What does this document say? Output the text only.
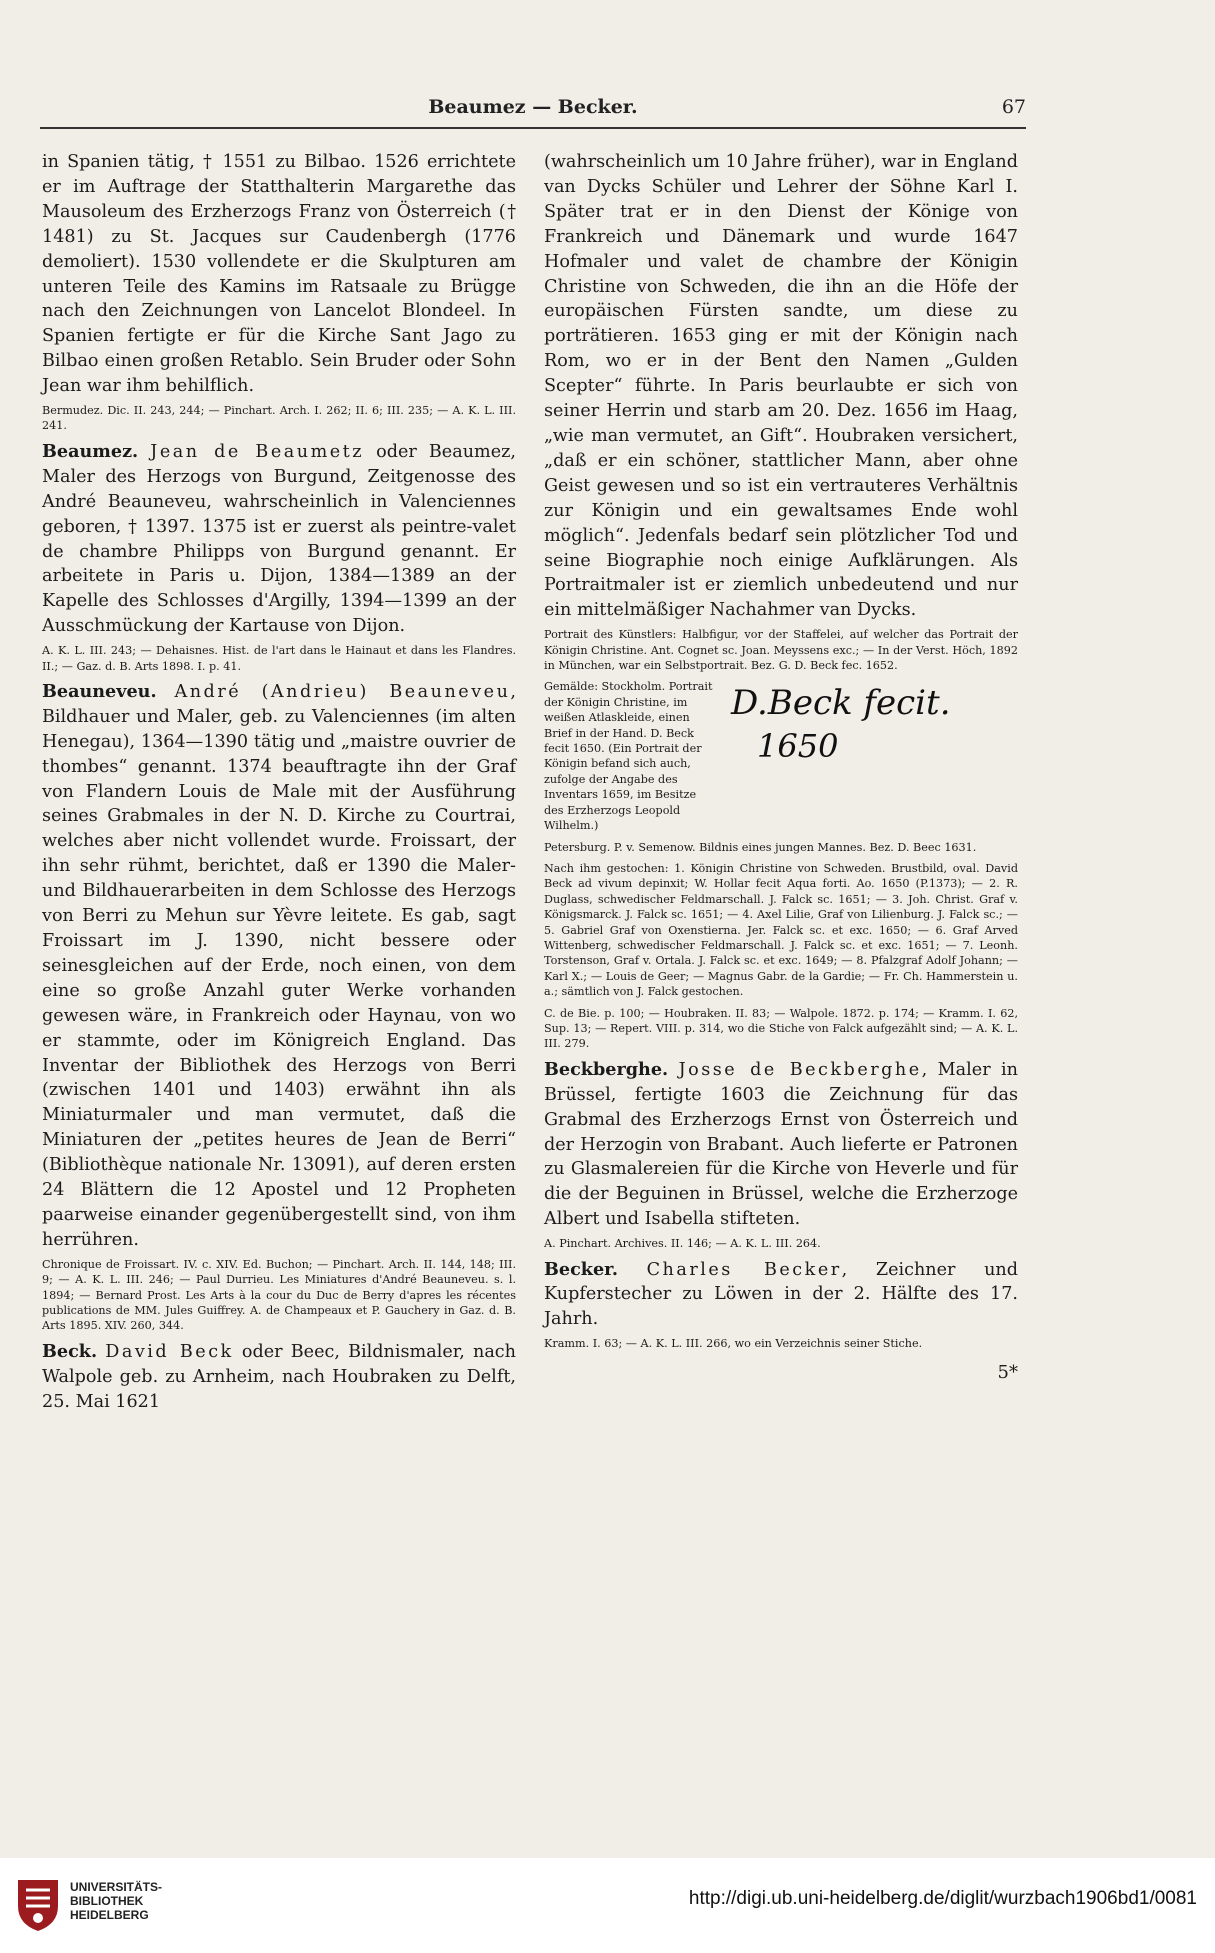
Beaumez — Becker.	67

in Spanien tätig, † 1551 zu Bilbao. 1526 errichtete er im Auftrage der Statthalterin Margarethe das Mausoleum des Erzherzogs Franz von Österreich († 1481) zu St. Jacques sur Caudenbergh (1776 demoliert). 1530 vollendete er die Skulpturen am unteren Teile des Kamins im Ratsaale zu Brügge nach den Zeichnungen von Lancelot Blondeel. In Spanien fertigte er für die Kirche Sant Jago zu Bilbao einen großen Retablo. Sein Bruder oder Sohn Jean war ihm behilflich.

Bermudez. Dic. II. 243, 244; — Pinchart. Arch. I. 262; II. 6; III. 235; — A. K. L. III. 241.

Beaumez. Jean de Beaumetz oder Beaumez, Maler des Herzogs von Burgund, Zeitgenosse des André Beauneveu, wahrscheinlich in Valenciennes geboren, † 1397. 1375 ist er zuerst als peintre-valet de chambre Philipps von Burgund genannt. Er arbeitete in Paris u. Dijon, 1384—1389 an der Kapelle des Schlosses d'Argilly, 1394—1399 an der Ausschmückung der Kartause von Dijon.

A. K. L. III. 243; — Dehaisnes. Hist. de l'art dans le Hainaut et dans les Flandres. II.; — Gaz. d. B. Arts 1898. I. p. 41.

Beauneveu. André (Andrieu) Beauneveu, Bildhauer und Maler, geb. zu Valenciennes (im alten Henegau), 1364—1390 tätig und „maistre ouvrier de thombes“ genannt. 1374 beauftragte ihn der Graf von Flandern Louis de Male mit der Ausführung seines Grabmales in der N. D. Kirche zu Courtrai, welches aber nicht vollendet wurde. Froissart, der ihn sehr rühmt, berichtet, daß er 1390 die Maler- und Bildhauerarbeiten in dem Schlosse des Herzogs von Berri zu Mehun sur Yèvre leitete. Es gab, sagt Froissart im J. 1390, nicht bessere oder seinesgleichen auf der Erde, noch einen, von dem eine so große Anzahl guter Werke vorhanden gewesen wäre, in Frankreich oder Haynau, von wo er stammte, oder im Königreich England. Das Inventar der Bibliothek des Herzogs von Berri (zwischen 1401 und 1403) erwähnt ihn als Miniaturmaler und man vermutet, daß die Miniaturen der „petites heures de Jean de Berri“ (Bibliothèque nationale Nr. 13091), auf deren ersten 24 Blättern die 12 Apostel und 12 Propheten paarweise einander gegenübergestellt sind, von ihm herrühren.

Chronique de Froissart. IV. c. XIV. Ed. Buchon; — Pinchart. Arch. II. 144, 148; III. 9; — A. K. L. III. 246; — Paul Durrieu. Les Miniatures d'André Beauneveu. s. l. 1894; — Bernard Prost. Les Arts à la cour du Duc de Berry d'apres les récentes publications de MM. Jules Guiffrey. A. de Champeaux et P. Gauchery in Gaz. d. B. Arts 1895. XIV. 260, 344.

Beck. David Beck oder Beec, Bildnismaler, nach Walpole geb. zu Arnheim, nach Houbraken zu Delft, 25. Mai 1621

(wahrscheinlich um 10 Jahre früher), war in England van Dycks Schüler und Lehrer der Söhne Karl I. Später trat er in den Dienst der Könige von Frankreich und Dänemark und wurde 1647 Hofmaler und valet de chambre der Königin Christine von Schweden, die ihn an die Höfe der europäischen Fürsten sandte, um diese zu porträtieren. 1653 ging er mit der Königin nach Rom, wo er in der Bent den Namen „Gulden Scepter“ führte. In Paris beurlaubte er sich von seiner Herrin und starb am 20. Dez. 1656 im Haag, „wie man vermutet, an Gift“. Houbraken versichert, „daß er ein schöner, stattlicher Mann, aber ohne Geist gewesen und so ist ein vertrauteres Verhältnis zur Königin und ein gewaltsames Ende wohl möglich“. Jedenfals bedarf sein plötzlicher Tod und seine Biographie noch einige Aufklärungen. Als Portraitmaler ist er ziemlich unbedeutend und nur ein mittelmäßiger Nachahmer van Dycks.

Portrait des Künstlers: Halbfigur, vor der Staffelei, auf welcher das Portrait der Königin Christine. Ant. Cognet sc. Joan. Meyssens exc.; — In der Verst. Höch, 1892 in München, war ein Selbstportrait. Bez. G. D. Beck fec. 1652.

Gemälde: Stockholm. Portrait der Königin Christine, im weißen Atlaskleide, einen Brief in der Hand. D. Beck fecit 1650. (Ein Portrait der Königin befand sich auch, zufolge der Angabe des Inventars 1659, im Besitze des Erzherzogs Leopold Wilhelm.)

D.Beck fecit.
1650

Petersburg. P. v. Semenow. Bildnis eines jungen Mannes. Bez. D. Beec 1631.

Nach ihm gestochen: 1. Königin Christine von Schweden. Brustbild, oval. David Beck ad vivum depinxit; W. Hollar fecit Aqua forti. Ao. 1650 (P.1373); — 2. R. Duglass, schwedischer Feldmarschall. J. Falck sc. 1651; — 3. Joh. Christ. Graf v. Königsmarck. J. Falck sc. 1651; — 4. Axel Lilie, Graf von Lilienburg. J. Falck sc.; — 5. Gabriel Graf von Oxenstierna. Jer. Falck sc. et exc. 1650; — 6. Graf Arved Wittenberg, schwedischer Feldmarschall. J. Falck sc. et exc. 1651; — 7. Leonh. Torstenson, Graf v. Ortala. J. Falck sc. et exc. 1649; — 8. Pfalzgraf Adolf Johann; — Karl X.; — Louis de Geer; — Magnus Gabr. de la Gardie; — Fr. Ch. Hammerstein u. a.; sämtlich von J. Falck gestochen.

C. de Bie. p. 100; — Houbraken. II. 83; — Walpole. 1872. p. 174; — Kramm. I. 62, Sup. 13; — Repert. VIII. p. 314, wo die Stiche von Falck aufgezählt sind; — A. K. L. III. 279.

Beckberghe. Josse de Beckberghe, Maler in Brüssel, fertigte 1603 die Zeichnung für das Grabmal des Erzherzogs Ernst von Österreich und der Herzogin von Brabant. Auch lieferte er Patronen zu Glasmalereien für die Kirche von Heverle und für die der Beguinen in Brüssel, welche die Erzherzoge Albert und Isabella stifteten.

A. Pinchart. Archives. II. 146; — A. K. L. III. 264.

Becker. Charles Becker, Zeichner und Kupferstecher zu Löwen in der 2. Hälfte des 17. Jahrh.

Kramm. I. 63; — A. K. L. III. 266, wo ein Verzeichnis seiner Stiche.

5*
UNIVERSITÄTS-
BIBLIOTHEK
HEIDELBERG
http://digi.ub.uni-heidelberg.de/diglit/wurzbach1906bd1/0081
